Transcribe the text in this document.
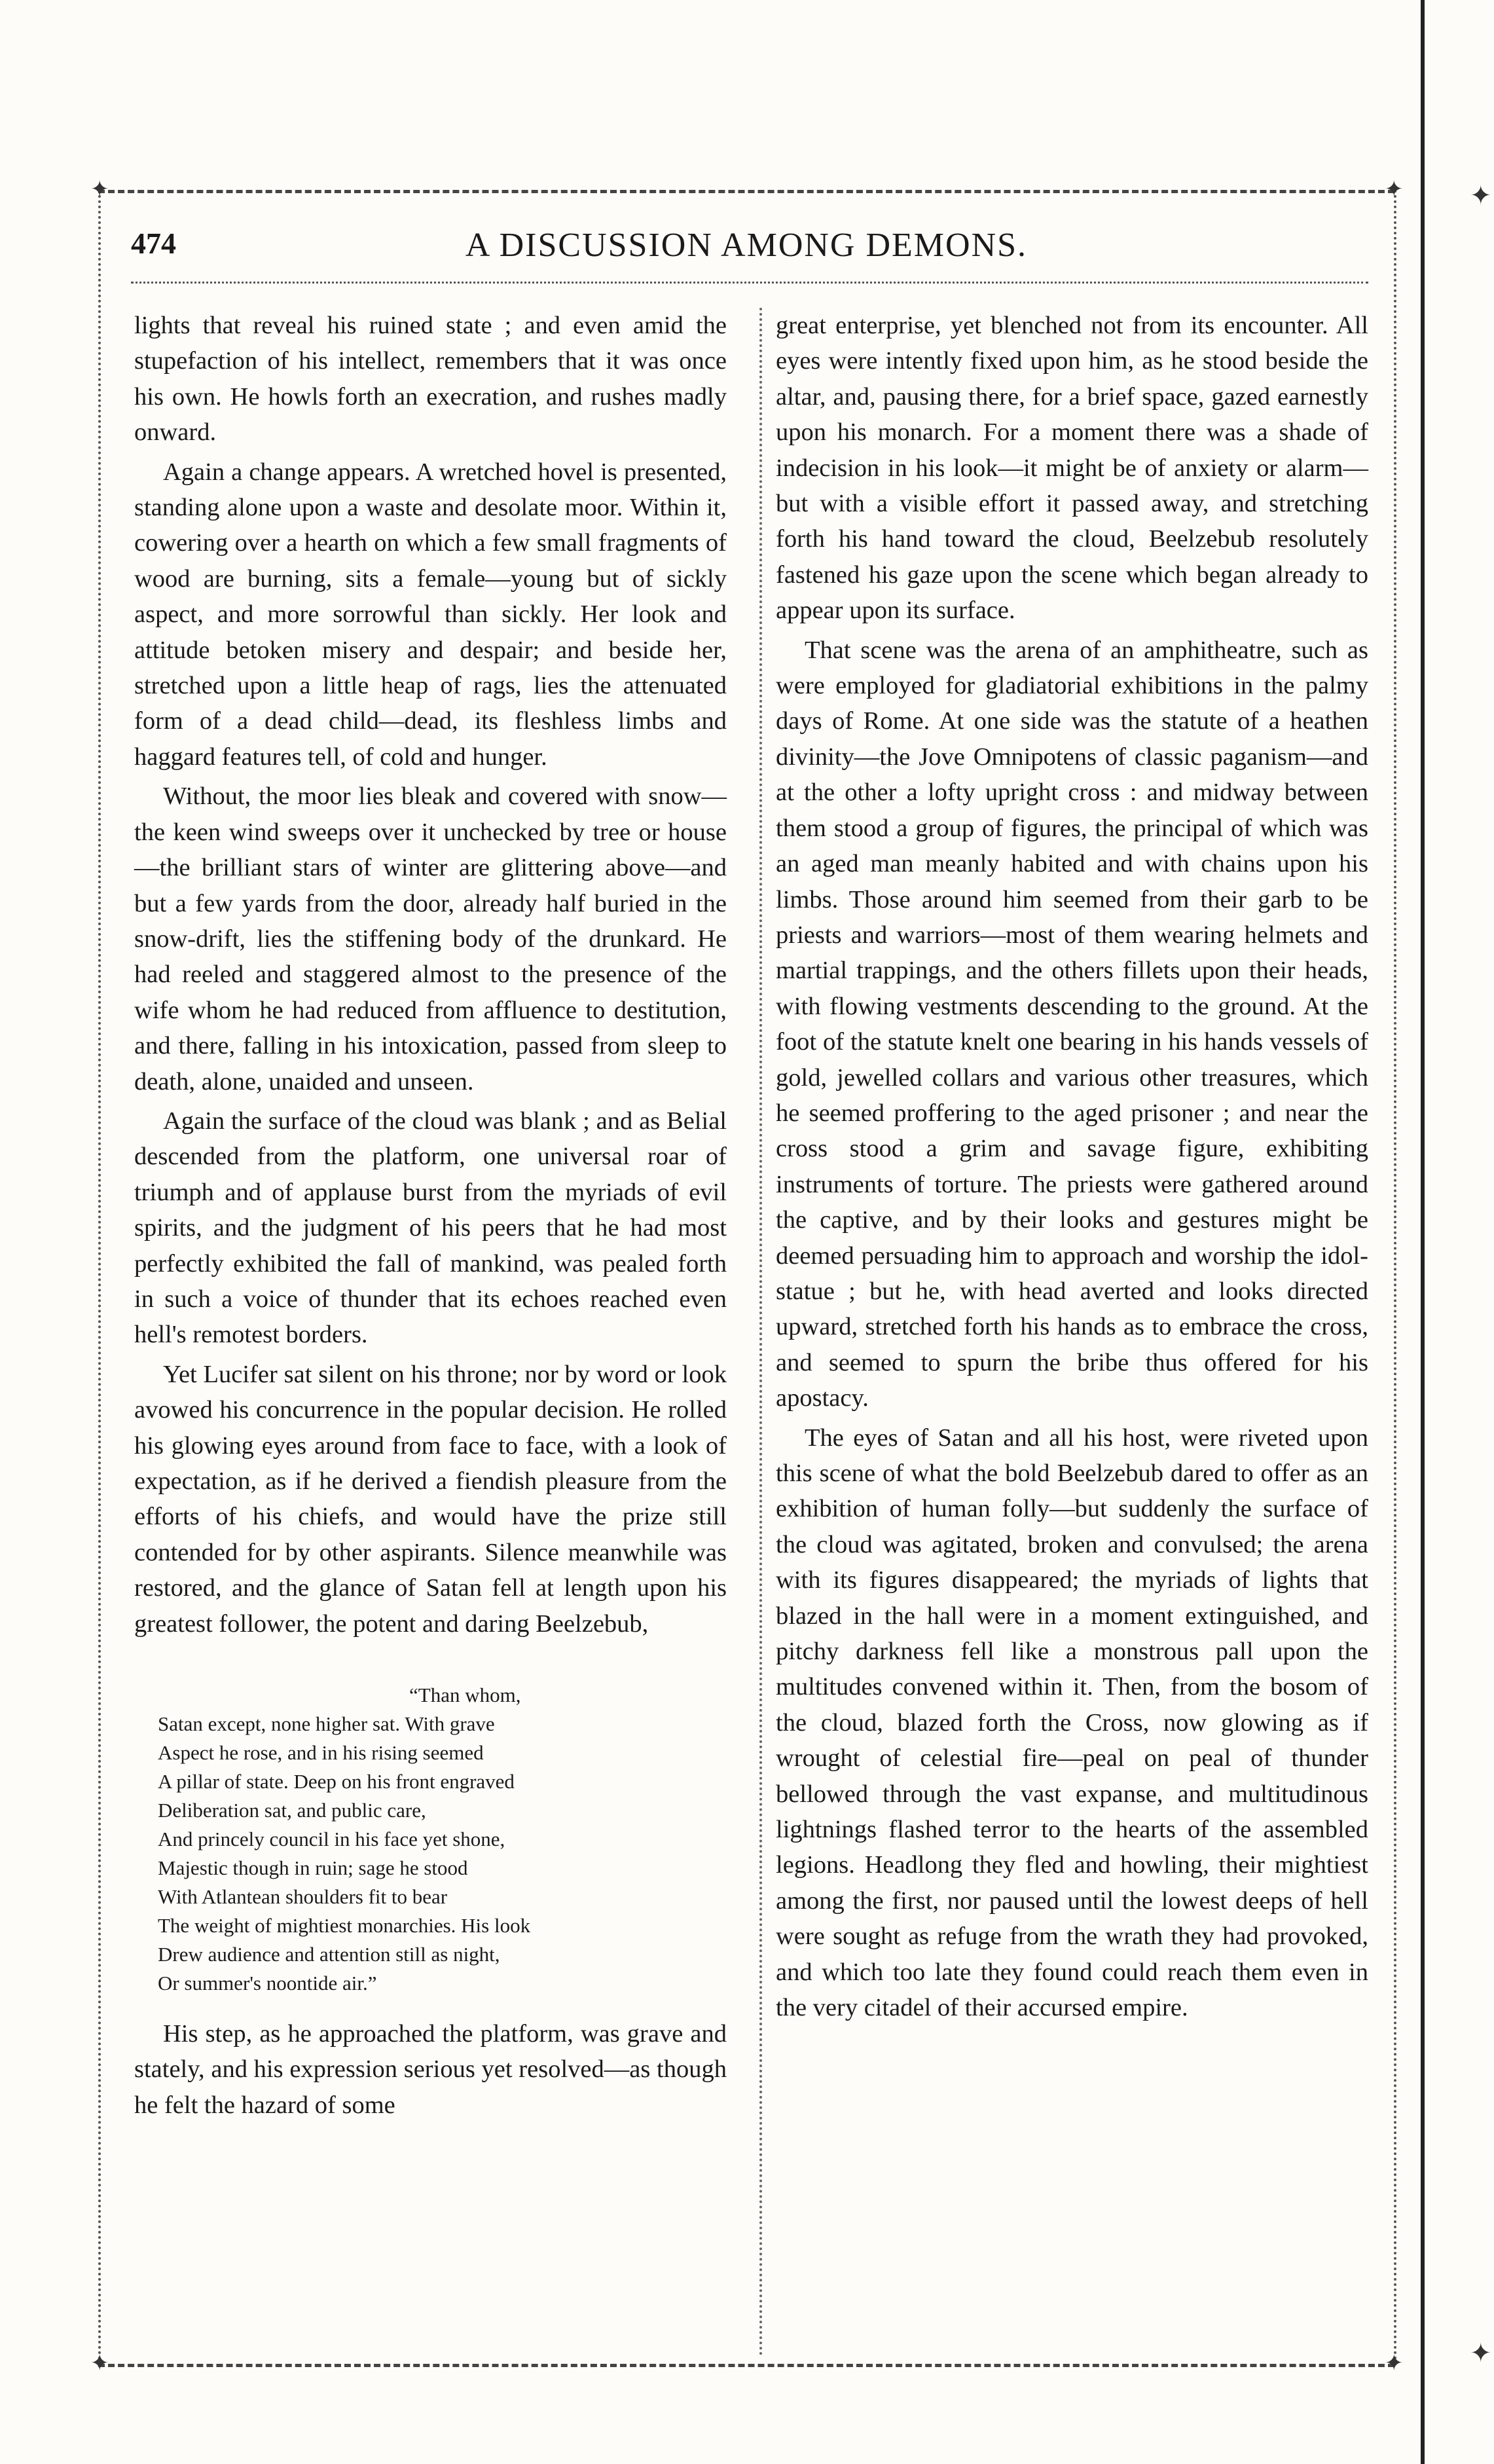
✦	✦
✦	✦
✦
✦
474	A DISCUSSION AMONG DEMONS.

lights that reveal his ruined state ; and even amid the stupefaction of his intellect, remembers that it was once his own. He howls forth an execration, and rushes madly onward.

Again a change appears. A wretched hovel is presented, standing alone upon a waste and desolate moor. Within it, cowering over a hearth on which a few small fragments of wood are burning, sits a female—young but of sickly aspect, and more sorrowful than sickly. Her look and attitude betoken misery and despair; and beside her, stretched upon a little heap of rags, lies the attenuated form of a dead child—dead, its fleshless limbs and haggard features tell, of cold and hunger.

Without, the moor lies bleak and covered with snow—the keen wind sweeps over it unchecked by tree or house—the brilliant stars of winter are glittering above—and but a few yards from the door, already half buried in the snow-drift, lies the stiffening body of the drunkard. He had reeled and staggered almost to the presence of the wife whom he had reduced from affluence to destitution, and there, falling in his intoxication, passed from sleep to death, alone, unaided and unseen.

Again the surface of the cloud was blank ; and as Belial descended from the platform, one universal roar of triumph and of applause burst from the myriads of evil spirits, and the judgment of his peers that he had most perfectly exhibited the fall of mankind, was pealed forth in such a voice of thunder that its echoes reached even hell's remotest borders.

Yet Lucifer sat silent on his throne; nor by word or look avowed his concurrence in the popular decision. He rolled his glowing eyes around from face to face, with a look of expectation, as if he derived a fiendish pleasure from the efforts of his chiefs, and would have the prize still contended for by other aspirants. Silence meanwhile was restored, and the glance of Satan fell at length upon his greatest follower, the potent and daring Beelzebub,

“Than whom,
Satan except, none higher sat. With grave
Aspect he rose, and in his rising seemed
A pillar of state. Deep on his front engraved
Deliberation sat, and public care,
And princely council in his face yet shone,
Majestic though in ruin; sage he stood
With Atlantean shoulders fit to bear
The weight of mightiest monarchies. His look
Drew audience and attention still as night,
Or summer's noontide air.”

His step, as he approached the platform, was grave and stately, and his expression serious yet resolved—as though he felt the hazard of some

great enterprise, yet blenched not from its encounter. All eyes were intently fixed upon him, as he stood beside the altar, and, pausing there, for a brief space, gazed earnestly upon his monarch. For a moment there was a shade of indecision in his look—it might be of anxiety or alarm—but with a visible effort it passed away, and stretching forth his hand toward the cloud, Beelzebub resolutely fastened his gaze upon the scene which began already to appear upon its surface.

That scene was the arena of an amphitheatre, such as were employed for gladiatorial exhibitions in the palmy days of Rome. At one side was the statute of a heathen divinity—the Jove Omnipotens of classic paganism—and at the other a lofty upright cross : and midway between them stood a group of figures, the principal of which was an aged man meanly habited and with chains upon his limbs. Those around him seemed from their garb to be priests and warriors—most of them wearing helmets and martial trappings, and the others fillets upon their heads, with flowing vestments descending to the ground. At the foot of the statute knelt one bearing in his hands vessels of gold, jewelled collars and various other treasures, which he seemed proffering to the aged prisoner ; and near the cross stood a grim and savage figure, exhibiting instruments of torture. The priests were gathered around the captive, and by their looks and gestures might be deemed persuading him to approach and worship the idol-statue ; but he, with head averted and looks directed upward, stretched forth his hands as to embrace the cross, and seemed to spurn the bribe thus offered for his apostacy.

The eyes of Satan and all his host, were riveted upon this scene of what the bold Beelzebub dared to offer as an exhibition of human folly—but suddenly the surface of the cloud was agitated, broken and convulsed; the arena with its figures disappeared; the myriads of lights that blazed in the hall were in a moment extinguished, and pitchy darkness fell like a monstrous pall upon the multitudes convened within it. Then, from the bosom of the cloud, blazed forth the Cross, now glowing as if wrought of celestial fire—peal on peal of thunder bellowed through the vast expanse, and multitudinous lightnings flashed terror to the hearts of the assembled legions. Headlong they fled and howling, their mightiest among the first, nor paused until the lowest deeps of hell were sought as refuge from the wrath they had provoked, and which too late they found could reach them even in the very citadel of their accursed empire.
